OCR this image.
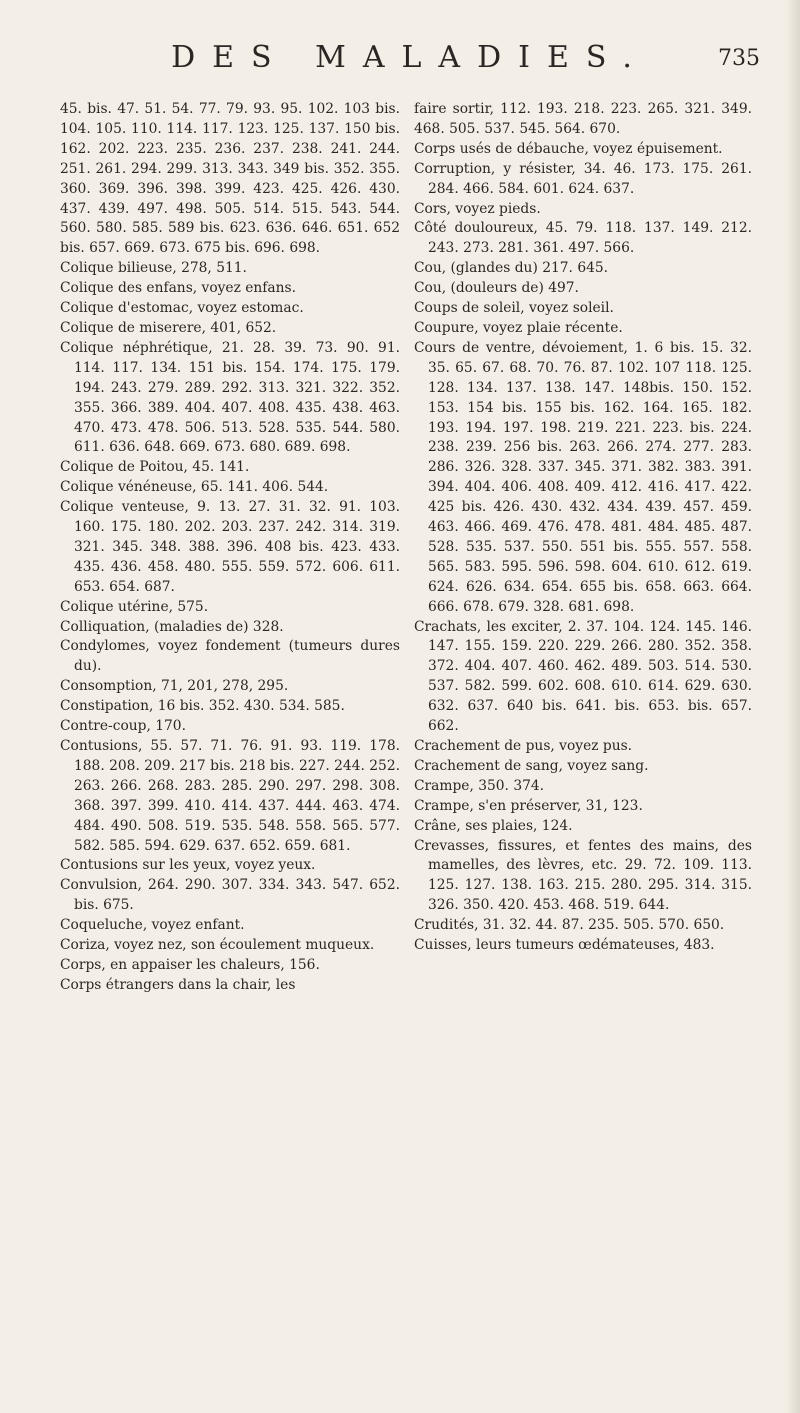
DES MALADIES.	735

45. bis. 47. 51. 54. 77. 79. 93. 95. 102. 103 bis. 104. 105. 110. 114. 117. 123. 125. 137. 150 bis. 162. 202. 223. 235. 236. 237. 238. 241. 244. 251. 261. 294. 299. 313. 343. 349 bis. 352. 355. 360. 369. 396. 398. 399. 423. 425. 426. 430. 437. 439. 497. 498. 505. 514. 515. 543. 544. 560. 580. 585. 589 bis. 623. 636. 646. 651. 652 bis. 657. 669. 673. 675 bis. 696. 698.

Colique bilieuse, 278, 511.

Colique des enfans, voyez enfans.

Colique d'estomac, voyez estomac.

Colique de miserere, 401, 652.

Colique néphrétique, 21. 28. 39. 73. 90. 91. 114. 117. 134. 151 bis. 154. 174. 175. 179. 194. 243. 279. 289. 292. 313. 321. 322. 352. 355. 366. 389. 404. 407. 408. 435. 438. 463. 470. 473. 478. 506. 513. 528. 535. 544. 580. 611. 636. 648. 669. 673. 680. 689. 698.

Colique de Poitou, 45. 141.

Colique vénéneuse, 65. 141. 406. 544.

Colique venteuse, 9. 13. 27. 31. 32. 91. 103. 160. 175. 180. 202. 203. 237. 242. 314. 319. 321. 345. 348. 388. 396. 408 bis. 423. 433. 435. 436. 458. 480. 555. 559. 572. 606. 611. 653. 654. 687.

Colique utérine, 575.

Colliquation, (maladies de) 328.

Condylomes, voyez fondement (tumeurs dures du).

Consomption, 71, 201, 278, 295.

Constipation, 16 bis. 352. 430. 534. 585.

Contre-coup, 170.

Contusions, 55. 57. 71. 76. 91. 93. 119. 178. 188. 208. 209. 217 bis. 218 bis. 227. 244. 252. 263. 266. 268. 283. 285. 290. 297. 298. 308. 368. 397. 399. 410. 414. 437. 444. 463. 474. 484. 490. 508. 519. 535. 548. 558. 565. 577. 582. 585. 594. 629. 637. 652. 659. 681.

Contusions sur les yeux, voyez yeux.

Convulsion, 264. 290. 307. 334. 343. 547. 652. bis. 675.

Coqueluche, voyez enfant.

Coriza, voyez nez, son écoulement muqueux.

Corps, en appaiser les chaleurs, 156.

Corps étrangers dans la chair, les

faire sortir, 112. 193. 218. 223. 265. 321. 349. 468. 505. 537. 545. 564. 670.

Corps usés de débauche, voyez épuisement.

Corruption, y résister, 34. 46. 173. 175. 261. 284. 466. 584. 601. 624. 637.

Cors, voyez pieds.

Côté douloureux, 45. 79. 118. 137. 149. 212. 243. 273. 281. 361. 497. 566.

Cou, (glandes du) 217. 645.

Cou, (douleurs de) 497.

Coups de soleil, voyez soleil.

Coupure, voyez plaie récente.

Cours de ventre, dévoiement, 1. 6 bis. 15. 32. 35. 65. 67. 68. 70. 76. 87. 102. 107 118. 125. 128. 134. 137. 138. 147. 148bis. 150. 152. 153. 154 bis. 155 bis. 162. 164. 165. 182. 193. 194. 197. 198. 219. 221. 223. bis. 224. 238. 239. 256 bis. 263. 266. 274. 277. 283. 286. 326. 328. 337. 345. 371. 382. 383. 391. 394. 404. 406. 408. 409. 412. 416. 417. 422. 425 bis. 426. 430. 432. 434. 439. 457. 459. 463. 466. 469. 476. 478. 481. 484. 485. 487. 528. 535. 537. 550. 551 bis. 555. 557. 558. 565. 583. 595. 596. 598. 604. 610. 612. 619. 624. 626. 634. 654. 655 bis. 658. 663. 664. 666. 678. 679. 328. 681. 698.

Crachats, les exciter, 2. 37. 104. 124. 145. 146. 147. 155. 159. 220. 229. 266. 280. 352. 358. 372. 404. 407. 460. 462. 489. 503. 514. 530. 537. 582. 599. 602. 608. 610. 614. 629. 630. 632. 637. 640 bis. 641. bis. 653. bis. 657. 662.

Crachement de pus, voyez pus.

Crachement de sang, voyez sang.

Crampe, 350. 374.

Crampe, s'en préserver, 31, 123.

Crâne, ses plaies, 124.

Crevasses, fissures, et fentes des mains, des mamelles, des lèvres, etc. 29. 72. 109. 113. 125. 127. 138. 163. 215. 280. 295. 314. 315. 326. 350. 420. 453. 468. 519. 644.

Crudités, 31. 32. 44. 87. 235. 505. 570. 650.

Cuisses, leurs tumeurs œdémateuses, 483.
